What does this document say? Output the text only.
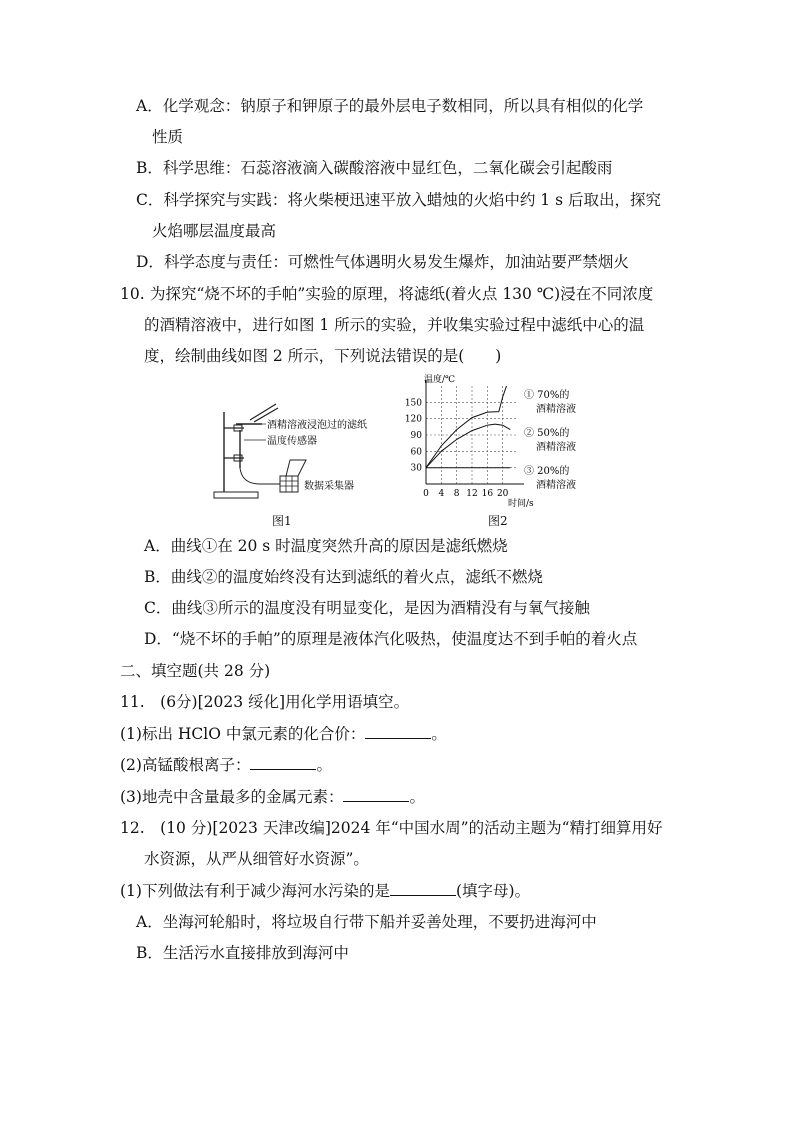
A．化学观念：钠原子和钾原子的最外层电子数相同，所以具有相似的化学
性质
B．科学思维：石蕊溶液滴入碳酸溶液中显红色，二氧化碳会引起酸雨
C．科学探究与实践：将火柴梗迅速平放入蜡烛的火焰中约 1 s 后取出，探究
火焰哪层温度最高
D．科学态度与责任：可燃性气体遇明火易发生爆炸，加油站要严禁烟火
10. 为探究“烧不坏的手帕”实验的原理，将滤纸(着火点 130 ℃)浸在不同浓度
的酒精溶液中，进行如图 1 所示的实验，并收集实验过程中滤纸中心的温
度，绘制曲线如图 2 所示，下列说法错误的是(　　)
酒精溶液浸泡过的滤纸
温度传感器
数据采集器
图1
温度/℃
时间/s
0 4 8 12 16 20
30
60
90
120
150
① 70%的
酒精溶液
② 50%的
酒精溶液
③ 20%的
酒精溶液
图2
A．曲线①在 20 s 时温度突然升高的原因是滤纸燃烧
B．曲线②的温度始终没有达到滤纸的着火点，滤纸不燃烧
C．曲线③所示的温度没有明显变化，是因为酒精没有与氧气接触
D．“烧不坏的手帕”的原理是液体汽化吸热，使温度达不到手帕的着火点
二、填空题(共 28 分)
11.　(6分)[2023 绥化]用化学用语填空。
(1)标出 HClO 中氯元素的化合价：	。
(2)高锰酸根离子：	。
(3)地壳中含量最多的金属元素：	。
12.　(10 分)[2023 天津改编]2024 年“中国水周”的活动主题为“精打细算用好
水资源，从严从细管好水资源”。
(1)下列做法有利于减少海河水污染的是	(填字母)。
A．坐海河轮船时，将垃圾自行带下船并妥善处理，不要扔进海河中
B．生活污水直接排放到海河中
